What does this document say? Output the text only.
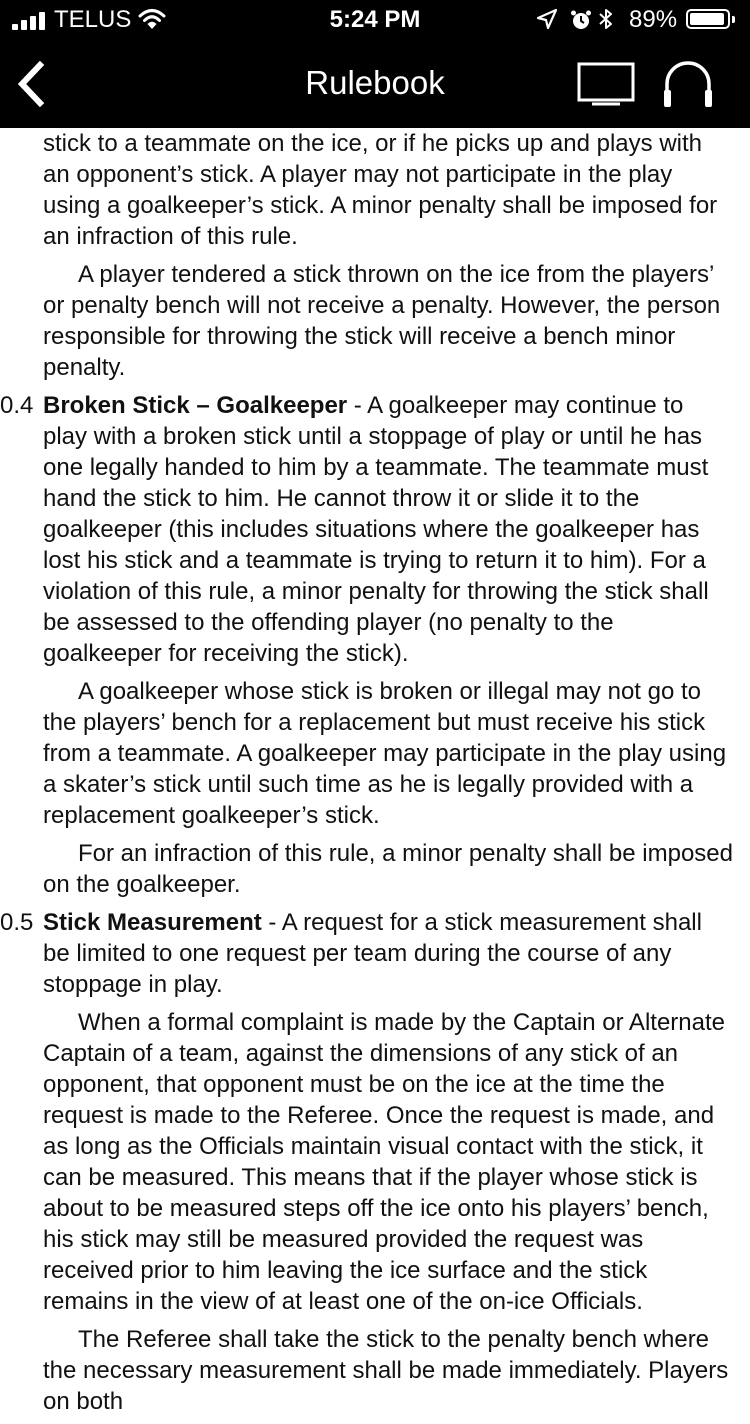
TELUS	5:24 PM	89%
Rulebook

stick to a teammate on the ice, or if he picks up and plays with an opponent’s stick. A player may not participate in the play using a goalkeeper’s stick. A minor penalty shall be imposed for an infraction of this rule.

A player tendered a stick thrown on the ice from the players’ or penalty bench will not receive a penalty. However, the person responsible for throwing the stick will receive a bench minor penalty.

0.4 Broken Stick – Goalkeeper - A goalkeeper may continue to play with a broken stick until a stoppage of play or until he has one legally handed to him by a teammate. The teammate must hand the stick to him. He cannot throw it or slide it to the goalkeeper (this includes situations where the goalkeeper has lost his stick and a teammate is trying to return it to him). For a violation of this rule, a minor penalty for throwing the stick shall be assessed to the offending player (no penalty to the goalkeeper for receiving the stick).

A goalkeeper whose stick is broken or illegal may not go to the players’ bench for a replacement but must receive his stick from a teammate. A goalkeeper may participate in the play using a skater’s stick until such time as he is legally provided with a replacement goalkeeper’s stick.

For an infraction of this rule, a minor penalty shall be imposed on the goalkeeper.

0.5 Stick Measurement - A request for a stick measurement shall be limited to one request per team during the course of any stoppage in play.

When a formal complaint is made by the Captain or Alternate Captain of a team, against the dimensions of any stick of an opponent, that opponent must be on the ice at the time the request is made to the Referee. Once the request is made, and as long as the Officials maintain visual contact with the stick, it can be measured. This means that if the player whose stick is about to be measured steps off the ice onto his players’ bench, his stick may still be measured provided the request was received prior to him leaving the ice surface and the stick remains in the view of at least one of the on-ice Officials.

The Referee shall take the stick to the penalty bench where the necessary measurement shall be made immediately. Players on both
